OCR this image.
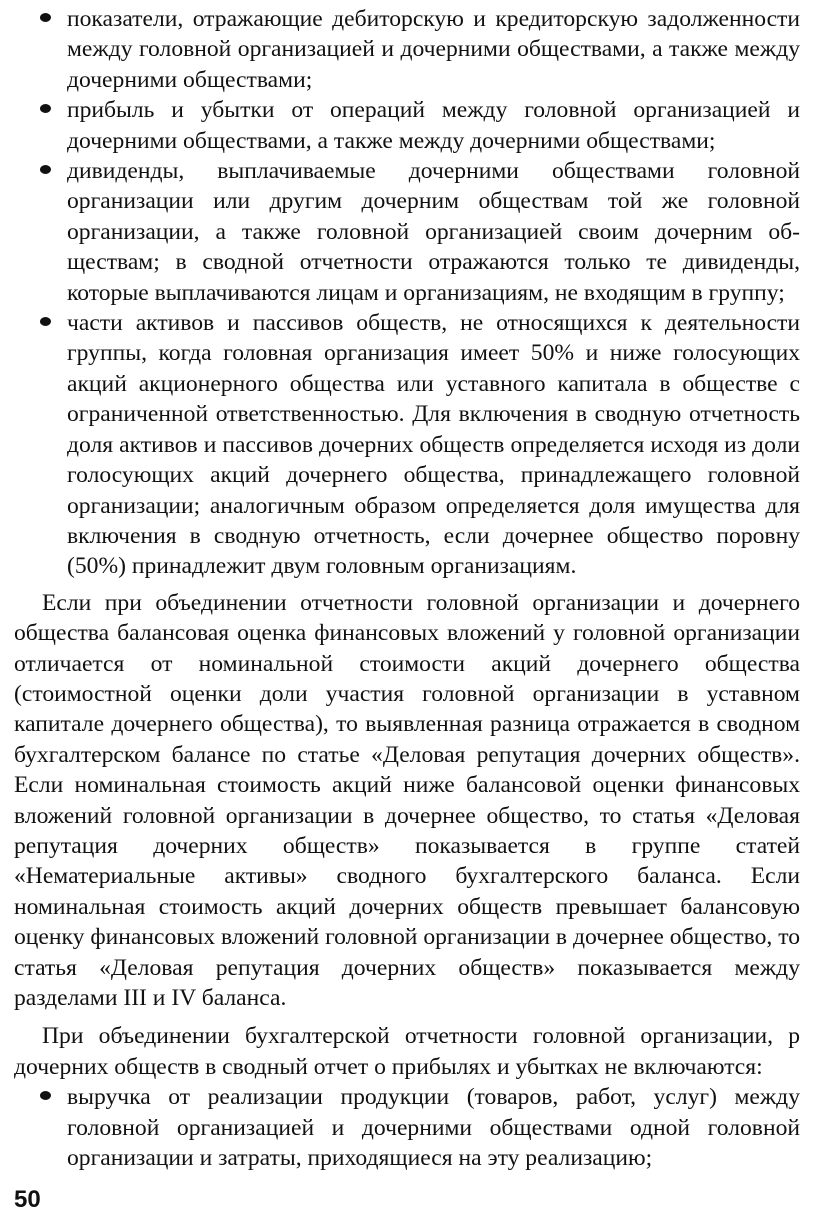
показатели, отражающие дебиторскую и кредиторскую задолженности между головной организацией и дочерними обществами, а также между дочерними обществами;

прибыль и убытки от операций между головной организацией и дочерними обществами, а также между дочерними обществами;

дивиденды, выплачиваемые дочерними обществами головной организации или другим дочерним обществам той же головной организации, а также головной организацией своим дочерним обществам; в сводной отчетности отражаются только те дивиденды, которые выплачиваются лицам и организациям, не входящим в группу;

части активов и пассивов обществ, не относящихся к деятельности группы, когда головная организация имеет 50% и ниже голосующих акций акционерного общества или уставного капитала в обществе с ограниченной ответственностью. Для включения в сводную отчетность доля активов и пассивов дочерних обществ определяется исходя из доли голосующих акций дочернего общества, принадлежащего головной организации; аналогичным образом определяется доля имущества для включения в сводную отчетность, если дочернее общество поровну (50%) принадлежит двум головным организациям.

Если при объединении отчетности головной организации и дочернего общества балансовая оценка финансовых вложений у головной организации отличается от номинальной стоимости акций дочернего общества (стоимостной оценки доли участия головной организации в уставном капитале дочернего общества), то выявленная разница отражается в сводном бухгалтерском балансе по статье «Деловая репутация дочерних обществ». Если номинальная стоимость акций ниже балансовой оценки финансовых вложений головной организации в дочернее общество, то статья «Деловая репутация дочерних обществ» показывается в группе статей «Нематериальные активы» сводного бухгалтерского баланса. Если номинальная стоимость акций дочерних обществ превышает балансовую оценку финансовых вложений головной организации в дочернее общество, то статья «Деловая репутация дочерних обществ» показывается между разделами III и IV баланса.

При объединении бухгалтерской отчетности головной организации, р дочерних обществ в сводный отчет о прибылях и убытках не включаются:

выручка от реализации продукции (товаров, работ, услуг) между головной организацией и дочерними обществами одной головной организации и затраты, приходящиеся на эту реализацию;

50
